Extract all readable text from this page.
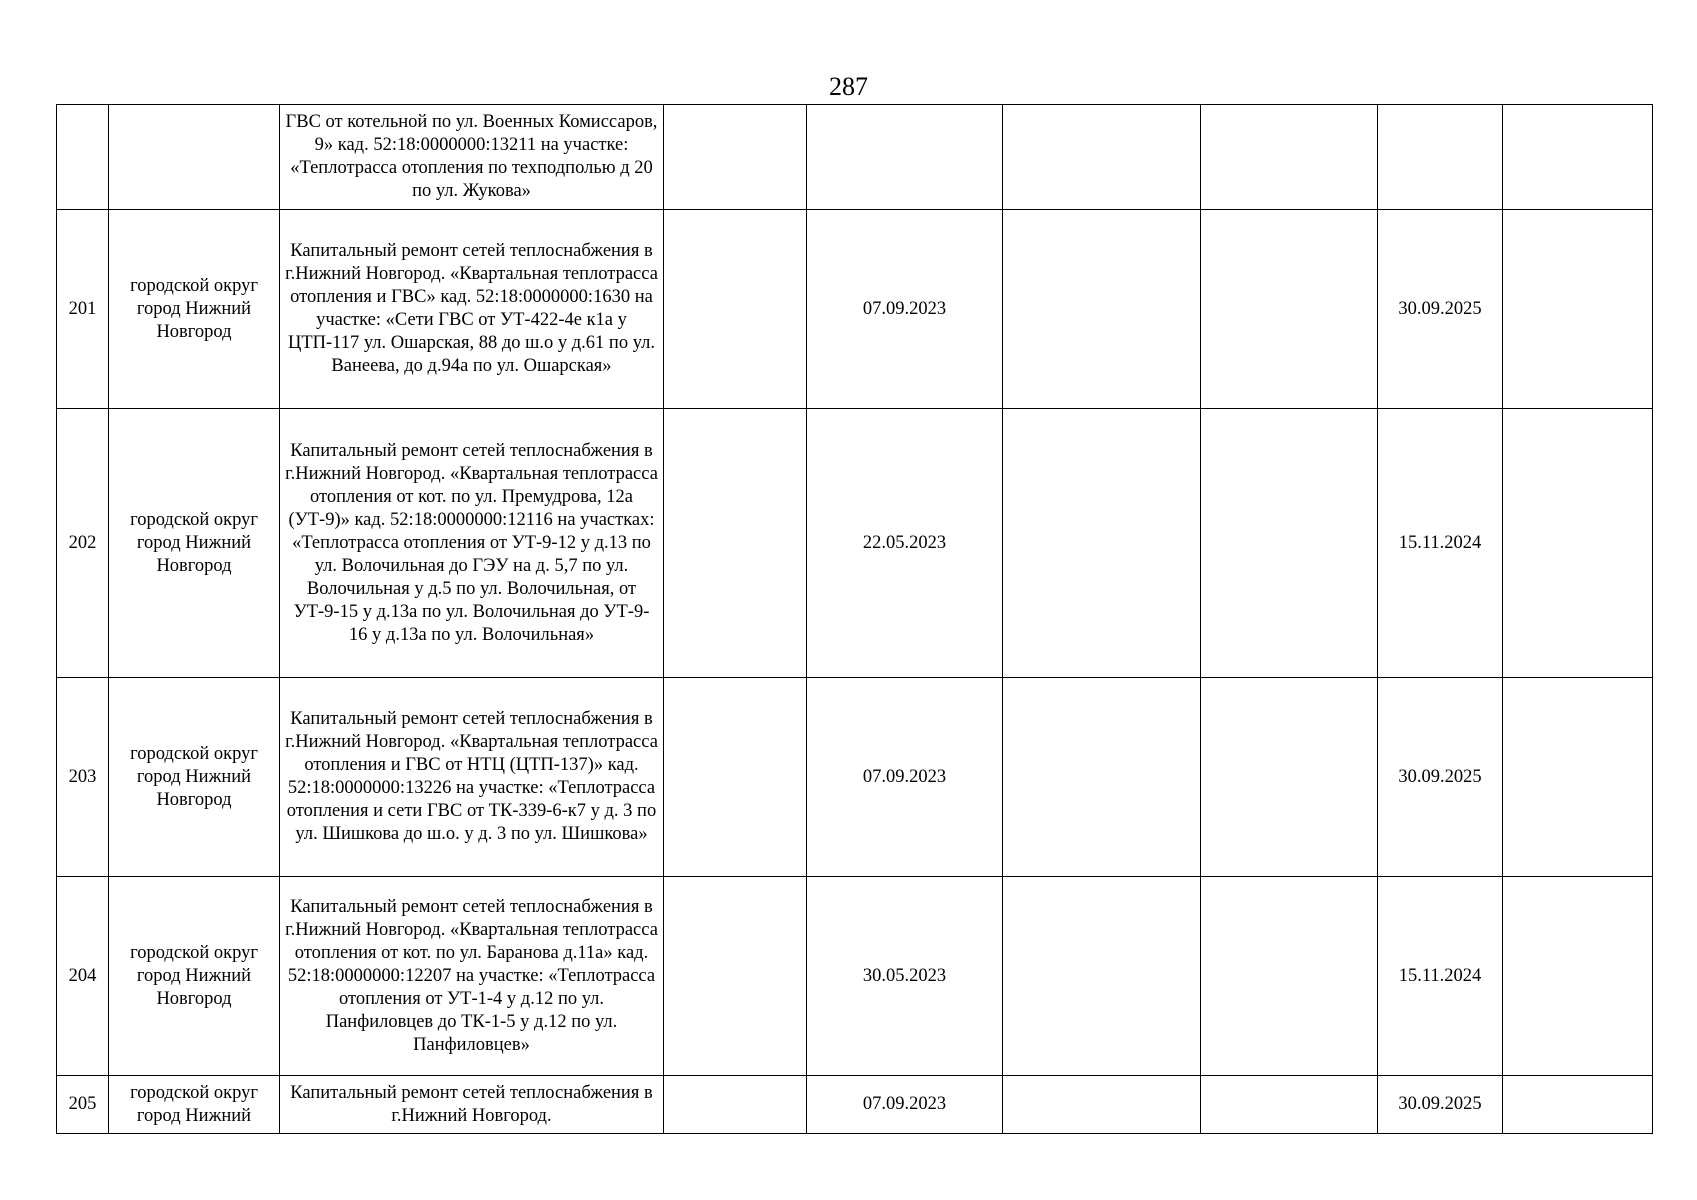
287
		ГВС от котельной по ул. Военных Комиссаров, 9» кад. 52:18:0000000:13211 на участке: «Теплотрасса отопления по техподполью д 20 по ул. Жукова»						
201	городской округ город Нижний Новгород	Капитальный ремонт сетей теплоснабжения в г.Нижний Новгород. «Квартальная теплотрасса отопления и ГВС» кад. 52:18:0000000:1630 на участке: «Сети ГВС от УТ-422-4е к1а у ЦТП-117 ул. Ошарская, 88 до ш.о у д.61 по ул. Ванеева, до д.94а по ул. Ошарская»		07.09.2023			30.09.2025	
202	городской округ город Нижний Новгород	Капитальный ремонт сетей теплоснабжения в г.Нижний Новгород. «Квартальная теплотрасса отопления от кот. по ул. Премудрова, 12а (УТ-9)» кад. 52:18:0000000:12116 на участках: «Теплотрасса отопления от УТ-9-12 у д.13 по ул. Волочильная до ГЭУ на д. 5,7 по ул. Волочильная у д.5 по ул. Волочильная, от УТ-9-15 у д.13а по ул. Волочильная до УТ-9-16 у д.13а по ул. Волочильная»		22.05.2023			15.11.2024	
203	городской округ город Нижний Новгород	Капитальный ремонт сетей теплоснабжения в г.Нижний Новгород. «Квартальная теплотрасса отопления и ГВС от НТЦ (ЦТП-137)» кад. 52:18:0000000:13226 на участке: «Теплотрасса отопления и сети ГВС от ТК-339-6-к7 у д. 3 по ул. Шишкова до ш.о. у д. 3 по ул. Шишкова»		07.09.2023			30.09.2025	
204	городской округ город Нижний Новгород	Капитальный ремонт сетей теплоснабжения в г.Нижний Новгород. «Квартальная теплотрасса отопления от кот. по ул. Баранова д.11а» кад. 52:18:0000000:12207 на участке: «Теплотрасса отопления от УТ-1-4 у д.12 по ул. Панфиловцев до ТК-1-5 у д.12 по ул. Панфиловцев»		30.05.2023			15.11.2024	
205	городской округ город Нижний	Капитальный ремонт сетей теплоснабжения в г.Нижний Новгород.		07.09.2023			30.09.2025	
